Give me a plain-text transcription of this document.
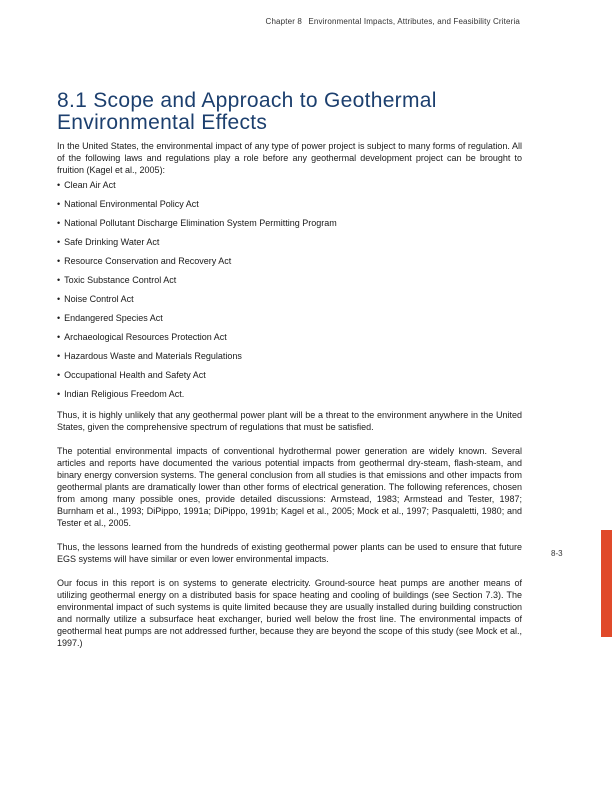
Chapter 8 Environmental Impacts, Attributes, and Feasibility Criteria
8.1 Scope and Approach to Geothermal
Environmental Effects

In the United States, the environmental impact of any type of power project is subject to many forms of regulation. All of the following laws and regulations play a role before any geothermal development project can be brought to fruition (Kagel et al., 2005):

• Clean Air Act
• National Environmental Policy Act
• National Pollutant Discharge Elimination System Permitting Program
• Safe Drinking Water Act
• Resource Conservation and Recovery Act
• Toxic Substance Control Act
• Noise Control Act
• Endangered Species Act
• Archaeological Resources Protection Act
• Hazardous Waste and Materials Regulations
• Occupational Health and Safety Act
• Indian Religious Freedom Act.

Thus, it is highly unlikely that any geothermal power plant will be a threat to the environment anywhere in the United States, given the comprehensive spectrum of regulations that must be satisfied.

The potential environmental impacts of conventional hydrothermal power generation are widely known. Several articles and reports have documented the various potential impacts from geothermal dry-steam, flash-steam, and binary energy conversion systems. The general conclusion from all studies is that emissions and other impacts from geothermal plants are dramatically lower than other forms of electrical generation. The following references, chosen from among many possible ones, provide detailed discussions: Armstead, 1983; Armstead and Tester, 1987; Burnham et al., 1993; DiPippo, 1991a; DiPippo, 1991b; Kagel et al., 2005; Mock et al., 1997; Pasqualetti, 1980; and Tester et al., 2005.

Thus, the lessons learned from the hundreds of existing geothermal power plants can be used to ensure that future EGS systems will have similar or even lower environmental impacts.

Our focus in this report is on systems to generate electricity. Ground-source heat pumps are another means of utilizing geothermal energy on a distributed basis for space heating and cooling of buildings (see Section 7.3). The environmental impact of such systems is quite limited because they are usually installed during building construction and normally utilize a subsurface heat exchanger, buried well below the frost line. The environmental impacts of geothermal heat pumps are not addressed further, because they are beyond the scope of this study (see Mock et al., 1997.)

8-3
